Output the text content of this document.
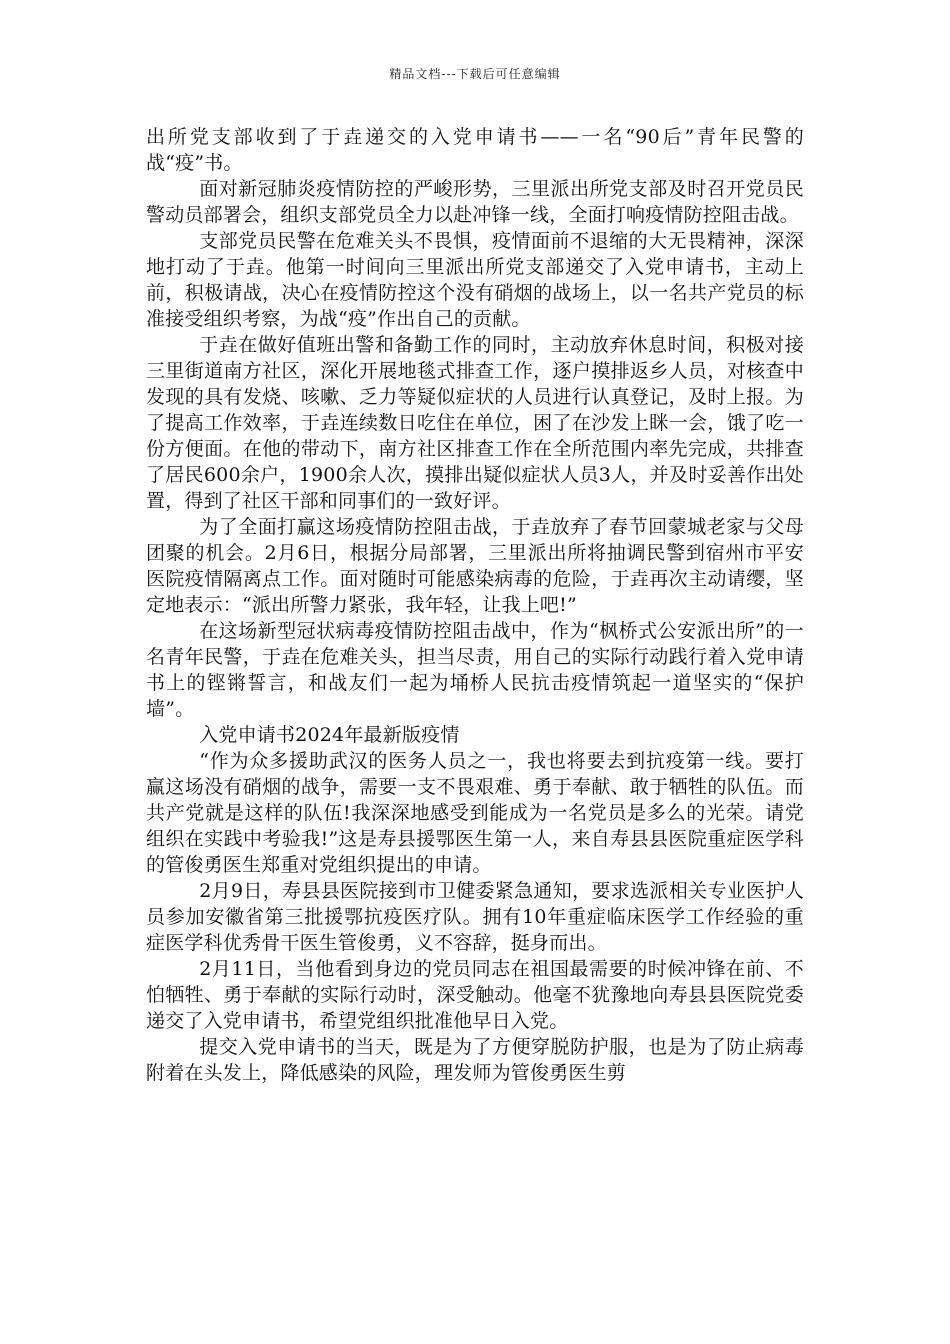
精品文档---下载后可任意编辑

出所党支部收到了于垚递交的入党申请书——一名“90后”青年民警的战“疫”书。

面对新冠肺炎疫情防控的严峻形势，三里派出所党支部及时召开党员民警动员部署会，组织支部党员全力以赴冲锋一线，全面打响疫情防控阻击战。

支部党员民警在危难关头不畏惧，疫情面前不退缩的大无畏精神，深深地打动了于垚。他第一时间向三里派出所党支部递交了入党申请书，主动上前，积极请战，决心在疫情防控这个没有硝烟的战场上，以一名共产党员的标准接受组织考察，为战“疫”作出自己的贡献。

于垚在做好值班出警和备勤工作的同时，主动放弃休息时间，积极对接三里街道南方社区，深化开展地毯式排查工作，逐户摸排返乡人员，对核查中发现的具有发烧、咳嗽、乏力等疑似症状的人员进行认真登记，及时上报。为了提高工作效率，于垚连续数日吃住在单位，困了在沙发上眯一会，饿了吃一份方便面。在他的带动下，南方社区排查工作在全所范围内率先完成，共排查了居民600余户，1900余人次，摸排出疑似症状人员3人，并及时妥善作出处置，得到了社区干部和同事们的一致好评。

为了全面打赢这场疫情防控阻击战，于垚放弃了春节回蒙城老家与父母团聚的机会。2月6日，根据分局部署，三里派出所将抽调民警到宿州市平安医院疫情隔离点工作。面对随时可能感染病毒的危险，于垚再次主动请缨，坚定地表示：“派出所警力紧张，我年轻，让我上吧!”

在这场新型冠状病毒疫情防控阻击战中，作为“枫桥式公安派出所”的一名青年民警，于垚在危难关头，担当尽责，用自己的实际行动践行着入党申请书上的铿锵誓言，和战友们一起为埇桥人民抗击疫情筑起一道坚实的“保护墙”。

入党申请书2024年最新版疫情

“作为众多援助武汉的医务人员之一，我也将要去到抗疫第一线。要打赢这场没有硝烟的战争，需要一支不畏艰难、勇于奉献、敢于牺牲的队伍。而共产党就是这样的队伍!我深深地感受到能成为一名党员是多么的光荣。请党组织在实践中考验我!”这是寿县援鄂医生第一人，来自寿县县医院重症医学科的管俊勇医生郑重对党组织提出的申请。

2月9日，寿县县医院接到市卫健委紧急通知，要求选派相关专业医护人员参加安徽省第三批援鄂抗疫医疗队。拥有10年重症临床医学工作经验的重症医学科优秀骨干医生管俊勇，义不容辞，挺身而出。

2月11日，当他看到身边的党员同志在祖国最需要的时候冲锋在前、不怕牺牲、勇于奉献的实际行动时，深受触动。他毫不犹豫地向寿县县医院党委递交了入党申请书，希望党组织批准他早日入党。

提交入党申请书的当天，既是为了方便穿脱防护服，也是为了防止病毒附着在头发上，降低感染的风险，理发师为管俊勇医生剪
